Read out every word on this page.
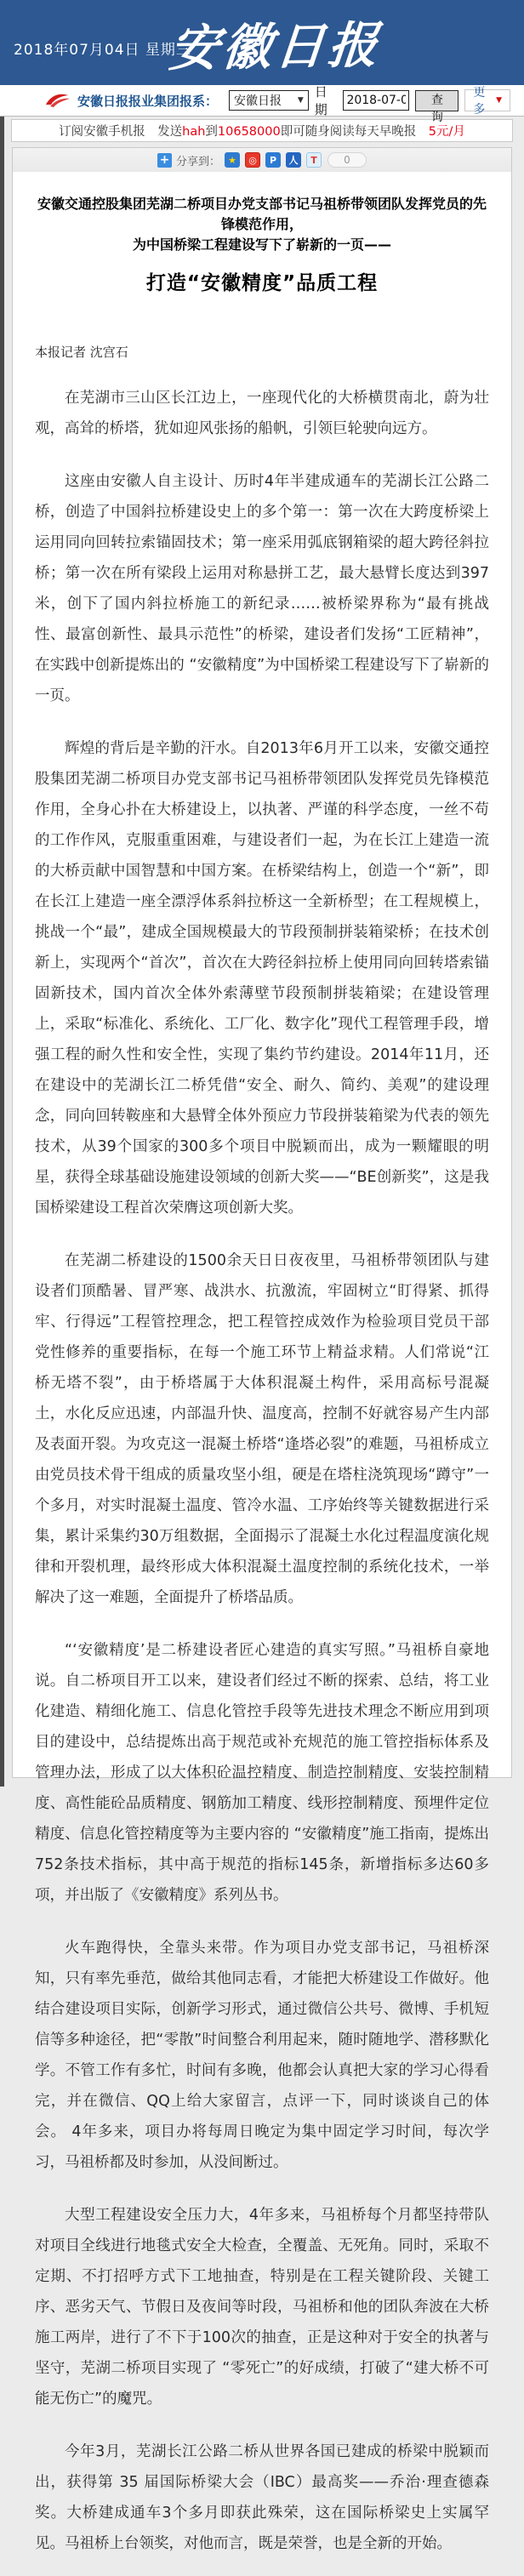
2018年07月04日 星期三
安徽日报
安徽日报报业集团报系： 安徽日报 ▼
日期
2018-07-04
查询
更多
▼
订阅安徽手机报　发送hah到10658000即可随身阅读每天早晚报　5元/月
+ 分享到： ★	◎	P	人	T	0
安徽交通控股集团芜湖二桥项目办党支部书记马祖桥带领团队发挥党员的先锋模范作用，
为中国桥梁工程建设写下了崭新的一页——
打造“安徽精度”品质工程
本报记者 沈宫石

在芜湖市三山区长江边上，一座现代化的大桥横贯南北，蔚为壮观，高耸的桥塔，犹如迎风张扬的船帆，引领巨轮驶向远方。

这座由安徽人自主设计、历时4年半建成通车的芜湖长江公路二桥，创造了中国斜拉桥建设史上的多个第一：第一次在大跨度桥梁上运用同向回转拉索锚固技术；第一座采用弧底钢箱梁的超大跨径斜拉桥；第一次在所有梁段上运用对称悬拼工艺，最大悬臂长度达到397米，创下了国内斜拉桥施工的新纪录……被桥梁界称为“最有挑战性、最富创新性、最具示范性”的桥梁，建设者们发扬“工匠精神”，在实践中创新提炼出的 “安徽精度”为中国桥梁工程建设写下了崭新的一页。

辉煌的背后是辛勤的汗水。自2013年6月开工以来，安徽交通控股集团芜湖二桥项目办党支部书记马祖桥带领团队发挥党员先锋模范作用，全身心扑在大桥建设上，以执著、严谨的科学态度，一丝不苟的工作作风，克服重重困难，与建设者们一起，为在长江上建造一流的大桥贡献中国智慧和中国方案。在桥梁结构上，创造一个“新”，即在长江上建造一座全漂浮体系斜拉桥这一全新桥型；在工程规模上，挑战一个“最”，建成全国规模最大的节段预制拼装箱梁桥；在技术创新上，实现两个“首次”，首次在大跨径斜拉桥上使用同向回转塔索锚固新技术，国内首次全体外索薄壁节段预制拼装箱梁；在建设管理上，采取“标准化、系统化、工厂化、数字化”现代工程管理手段，增强工程的耐久性和安全性，实现了集约节约建设。2014年11月，还在建设中的芜湖长江二桥凭借“安全、耐久、简约、美观”的建设理念，同向回转鞍座和大悬臂全体外预应力节段拼装箱梁为代表的领先技术，从39个国家的300多个项目中脱颖而出，成为一颗耀眼的明星，获得全球基础设施建设领域的创新大奖——“BE创新奖”，这是我国桥梁建设工程首次荣膺这项创新大奖。

在芜湖二桥建设的1500余天日日夜夜里，马祖桥带领团队与建设者们顶酷暑、冒严寒、战洪水、抗激流，牢固树立“盯得紧、抓得牢、行得远”工程管控理念，把工程管控成效作为检验项目党员干部党性修养的重要指标，在每一个施工环节上精益求精。人们常说“江桥无塔不裂”，由于桥塔属于大体积混凝土构件，采用高标号混凝土，水化反应迅速，内部温升快、温度高，控制不好就容易产生内部及表面开裂。为攻克这一混凝土桥塔“逢塔必裂”的难题，马祖桥成立由党员技术骨干组成的质量攻坚小组，硬是在塔柱浇筑现场“蹲守”一个多月，对实时混凝土温度、管冷水温、工序始终等关键数据进行采集，累计采集约30万组数据，全面揭示了混凝土水化过程温度演化规律和开裂机理，最终形成大体积混凝土温度控制的系统化技术，一举解决了这一难题，全面提升了桥塔品质。

“‘安徽精度’是二桥建设者匠心建造的真实写照。”马祖桥自豪地说。自二桥项目开工以来，建设者们经过不断的探索、总结，将工业化建造、精细化施工、信息化管控手段等先进技术理念不断应用到项目的建设中，总结提炼出高于规范或补充规范的施工管控指标体系及管理办法，形成了以大体积砼温控精度、制造控制精度、安装控制精度、高性能砼品质精度、钢筋加工精度、线形控制精度、预埋件定位精度、信息化管控精度等为主要内容的 “安徽精度”施工指南，提炼出752条技术指标，其中高于规范的指标145条，新增指标多达60多项，并出版了《安徽精度》系列丛书。

火车跑得快，全靠头来带。作为项目办党支部书记，马祖桥深知，只有率先垂范，做给其他同志看，才能把大桥建设工作做好。他结合建设项目实际，创新学习形式，通过微信公共号、微博、手机短信等多种途径，把“零散”时间整合利用起来，随时随地学、潜移默化学。不管工作有多忙，时间有多晚，他都会认真把大家的学习心得看完，并在微信、QQ上给大家留言，点评一下，同时谈谈自己的体会。 4年多来，项目办将每周日晚定为集中固定学习时间，每次学习，马祖桥都及时参加，从没间断过。

大型工程建设安全压力大，4年多来，马祖桥每个月都坚持带队对项目全线进行地毯式安全大检查，全覆盖、无死角。同时，采取不定期、不打招呼方式下工地抽查，特别是在工程关键阶段、关键工序、恶劣天气、节假日及夜间等时段，马祖桥和他的团队奔波在大桥施工两岸，进行了不下于100次的抽查，正是这种对于安全的执著与坚守，芜湖二桥项目实现了 “零死亡”的好成绩，打破了“建大桥不可能无伤亡”的魔咒。

今年3月，芜湖长江公路二桥从世界各国已建成的桥梁中脱颖而出，获得第 35 届国际桥梁大会（IBC）最高奖——乔治·理查德森奖。大桥建成通车3个多月即获此殊荣，这在国际桥梁史上实属罕见。马祖桥上台领奖，对他而言，既是荣誉，也是全新的开始。
